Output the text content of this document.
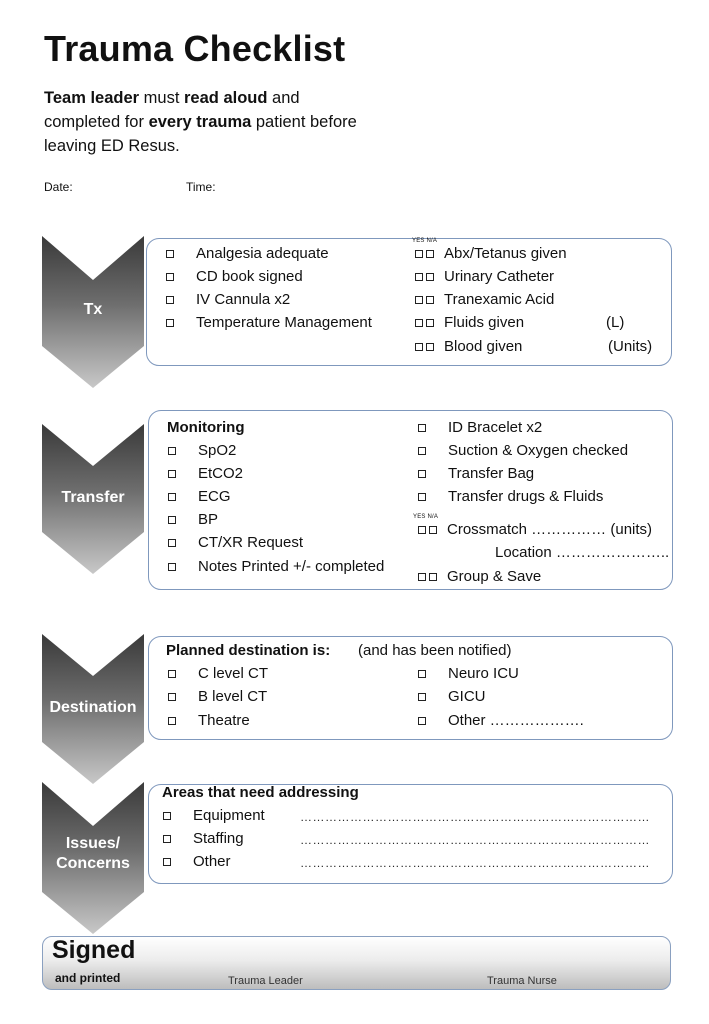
Trauma Checklist
Team leader must read aloud and completed for every trauma patient before leaving ED Resus.
Date:	Time:
Tx
Analgesia adequate
CD book signed
IV Cannula x2
Temperature Management
YES N/A
Abx/Tetanus given
Urinary Catheter
Tranexamic Acid
Fluids given	(L)
Blood given	(Units)
Transfer
Monitoring
SpO2
EtCO2
ECG
BP
CT/XR Request
Notes Printed +/- completed
ID Bracelet x2
Suction & Oxygen checked
Transfer Bag
Transfer drugs & Fluids
YES N/A
Crossmatch …………… (units)
Location …………………..
Group & Save
Destination
Planned destination is: (and has been notified)
C level CT
B level CT
Theatre
Neuro ICU
GICU
Other ……………….
Issues/
Concerns
Areas that need addressing
Equipment	…………………………………………………………………………
Staffing	…………………………………………………………………………
Other	…………………………………………………………………………
Signed
and printed	Trauma Leader	Trauma Nurse
